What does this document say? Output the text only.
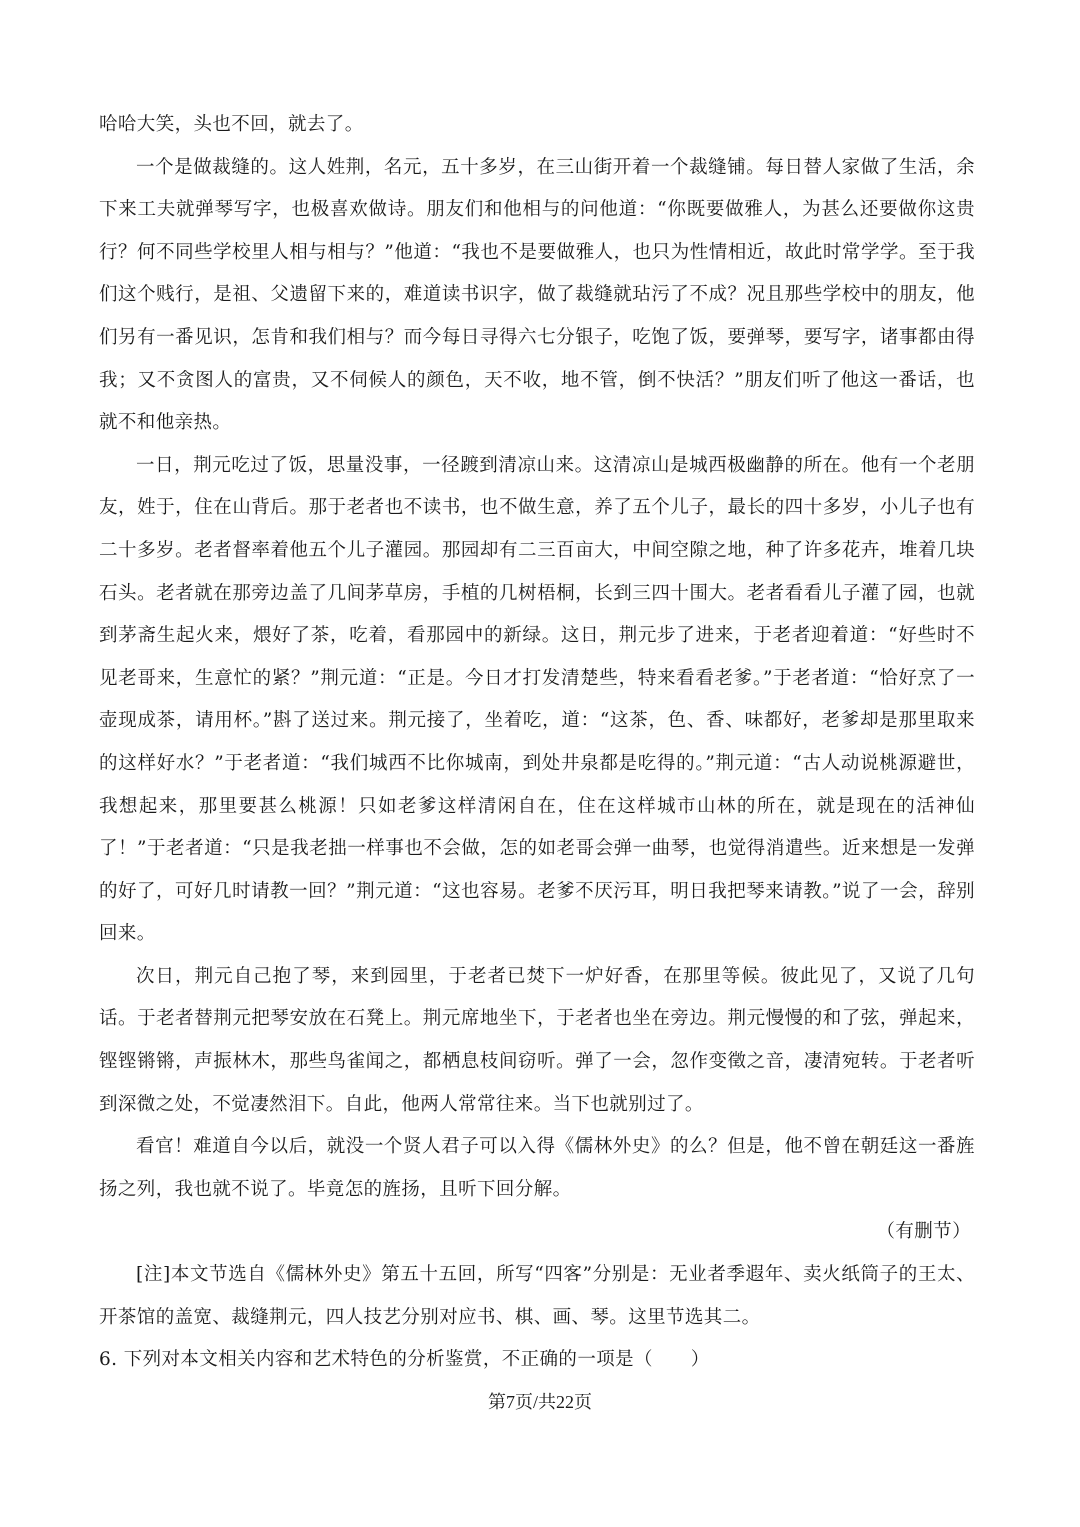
哈哈大笑，头也不回，就去了。

一个是做裁缝的。这人姓荆，名元，五十多岁，在三山街开着一个裁缝铺。每日替人家做了生活，余下来工夫就弹琴写字，也极喜欢做诗。朋友们和他相与的问他道：“你既要做雅人，为甚么还要做你这贵行？何不同些学校里人相与相与？”他道：“我也不是要做雅人，也只为性情相近，故此时常学学。至于我们这个贱行，是祖、父遗留下来的，难道读书识字，做了裁缝就玷污了不成？况且那些学校中的朋友，他们另有一番见识，怎肯和我们相与？而今每日寻得六七分银子，吃饱了饭，要弹琴，要写字，诸事都由得我；又不贪图人的富贵，又不伺候人的颜色，天不收，地不管，倒不快活？”朋友们听了他这一番话，也就不和他亲热。

一日，荆元吃过了饭，思量没事，一径踱到清凉山来。这清凉山是城西极幽静的所在。他有一个老朋友，姓于，住在山背后。那于老者也不读书，也不做生意，养了五个儿子，最长的四十多岁，小儿子也有二十多岁。老者督率着他五个儿子灌园。那园却有二三百亩大，中间空隙之地，种了许多花卉，堆着几块石头。老者就在那旁边盖了几间茅草房，手植的几树梧桐，长到三四十围大。老者看看儿子灌了园，也就到茅斋生起火来，煨好了茶，吃着，看那园中的新绿。这日，荆元步了进来，于老者迎着道：“好些时不见老哥来，生意忙的紧？”荆元道：“正是。今日才打发清楚些，特来看看老爹。”于老者道：“恰好烹了一壶现成茶，请用杯。”斟了送过来。荆元接了，坐着吃，道：“这茶，色、香、味都好，老爹却是那里取来的这样好水？”于老者道：“我们城西不比你城南，到处井泉都是吃得的。”荆元道：“古人动说桃源避世，我想起来，那里要甚么桃源！只如老爹这样清闲自在，住在这样城市山林的所在，就是现在的活神仙了！”于老者道：“只是我老拙一样事也不会做，怎的如老哥会弹一曲琴，也觉得消遣些。近来想是一发弹的好了，可好几时请教一回？”荆元道：“这也容易。老爹不厌污耳，明日我把琴来请教。”说了一会，辞别回来。

次日，荆元自己抱了琴，来到园里，于老者已焚下一炉好香，在那里等候。彼此见了，又说了几句话。于老者替荆元把琴安放在石凳上。荆元席地坐下，于老者也坐在旁边。荆元慢慢的和了弦，弹起来，铿铿锵锵，声振林木，那些鸟雀闻之，都栖息枝间窃听。弹了一会，忽作变徵之音，凄清宛转。于老者听到深微之处，不觉凄然泪下。自此，他两人常常往来。当下也就别过了。

看官！难道自今以后，就没一个贤人君子可以入得《儒林外史》的么？但是，他不曾在朝廷这一番旌扬之列，我也就不说了。毕竟怎的旌扬，且听下回分解。

（有删节）

[注]本文节选自《儒林外史》第五十五回，所写“四客”分别是：无业者季遐年、卖火纸筒子的王太、开茶馆的盖宽、裁缝荆元，四人技艺分别对应书、棋、画、琴。这里节选其二。

6. 下列对本文相关内容和艺术特色的分析鉴赏，不正确的一项是（　　）

第7页/共22页
